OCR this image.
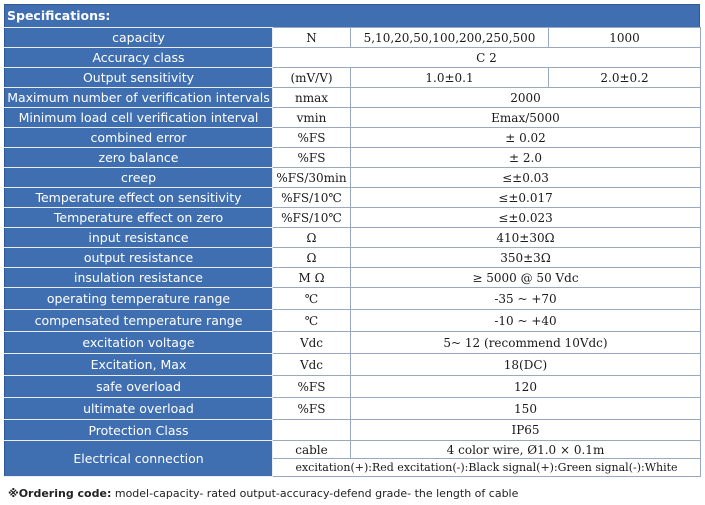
Specifications:
capacity	N	5,10,20,50,100,200,250,500	1000
Accuracy class	C 2		
Output sensitivity	(mV/V)	1.0±0.1	2.0±0.2
Maximum number of verification intervals	nmax	2000	
Minimum load cell verification interval	vmin	Emax/5000	
combined error	%FS	± 0.02	
zero balance	%FS	± 2.0	
creep	%FS/30min	≤±0.03	
Temperature effect on sensitivity	%FS/10℃	≤±0.017	
Temperature effect on zero	%FS/10℃	≤±0.023	
input resistance	Ω	410±30Ω	
output resistance	Ω	350±3Ω	
insulation resistance	M Ω	≥ 5000 @ 50 Vdc	
operating temperature range	℃	-35 ~ +70	
compensated temperature range	℃	-10 ~ +40	
excitation voltage	Vdc	5~ 12 (recommend 10Vdc)	
Excitation, Max	Vdc	18(DC)	
safe overload	%FS	120	
ultimate overload	%FS	150	
Protection Class		IP65	
Electrical connection	cable	4 color wire, Ø1.0 × 0.1m	
	excitation(+):Red excitation(-):Black signal(+):Green signal(-):White		
※Ordering code: model-capacity- rated output-accuracy-defend grade- the length of cable
